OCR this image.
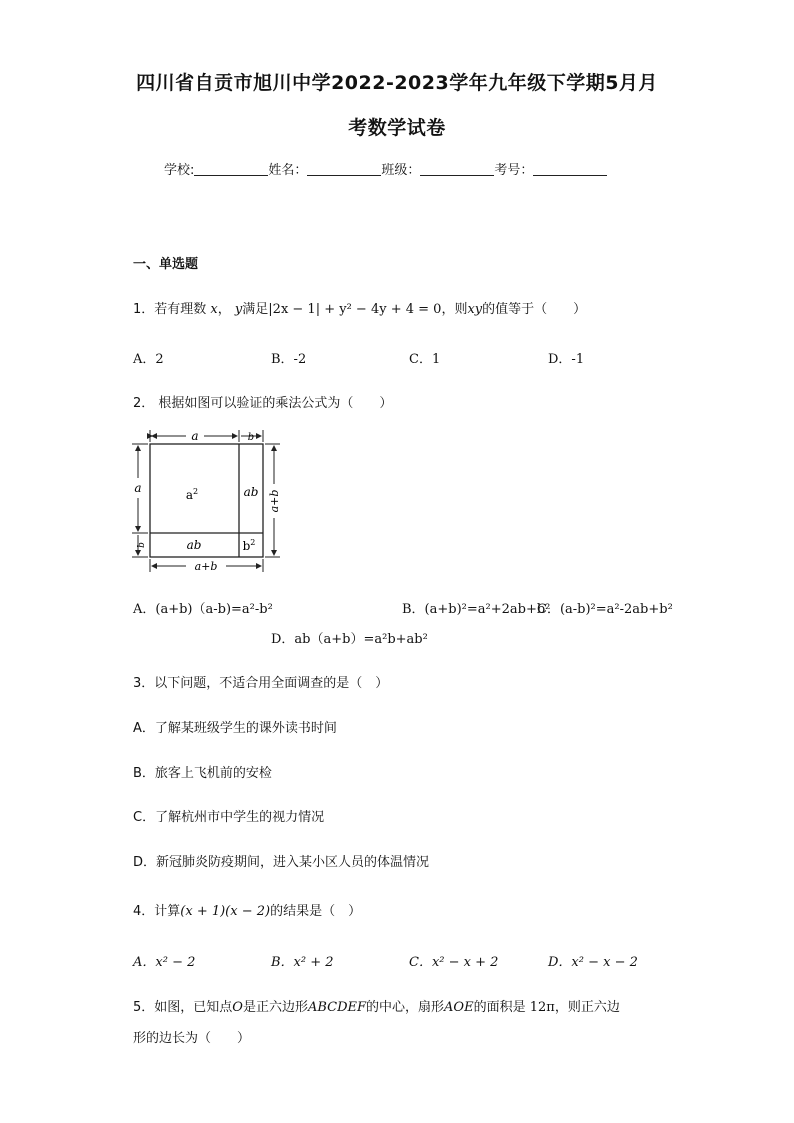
四川省自贡市旭川中学2022-2023学年九年级下学期5月月
考数学试卷
学校:	姓名：	班级：	考号：
一、单选题
1．若有理数 x， y满足|2x − 1| + y² − 4y + 4 = 0，则xy的值等于（　　）
A．2	B．-2	C．1	D．-1
2． 根据如图可以验证的乘法公式为（　　）
a	b
a
b
a+b
a+b
$a^2$	ab
ab	$b^2$
A．(a+b)（a-b)=a²-b²	B．(a+b)²=a²+2ab+b²
C．(a-b)²=a²-2ab+b²
D．ab（a+b）=a²b+ab²
3．以下问题，不适合用全面调查的是（　）
A．了解某班级学生的课外读书时间
B．旅客上飞机前的安检
C．了解杭州市中学生的视力情况
D．新冠肺炎防疫期间，进入某小区人员的体温情况
4．计算(x + 1)(x − 2)的结果是（　）
A．x² − 2	B．x² + 2	C．x² − x + 2	D．x² − x − 2
5．如图，已知点O是正六边形ABCDEF的中心，扇形AOE的面积是 12π，则正六边
形的边长为（　　）
